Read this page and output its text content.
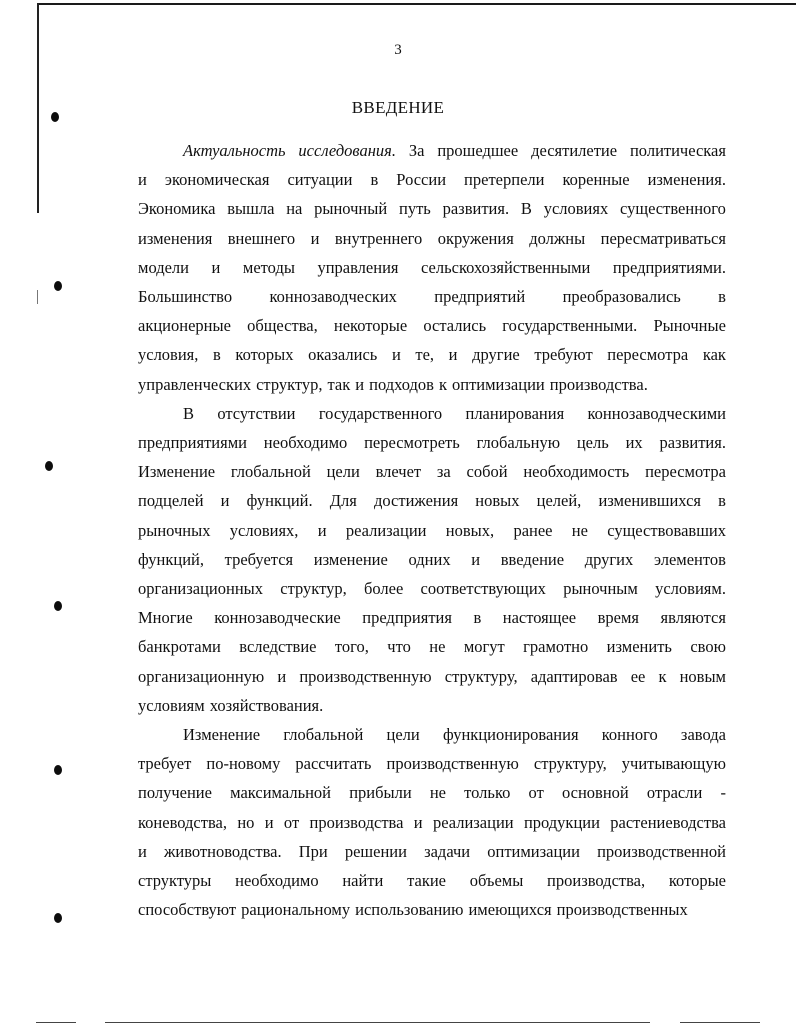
3
ВВЕДЕНИЕ
Актуальность исследования. За прошедшее десятилетие политическая
и экономическая ситуации в России претерпели коренные изменения.
Экономика вышла на рыночный путь развития. В условиях существенного
изменения внешнего и внутреннего окружения должны пересматриваться
модели и методы управления сельскохозяйственными предприятиями.
Большинство коннозаводческих предприятий преобразовались в
акционерные общества, некоторые остались государственными. Рыночные
условия, в которых оказались и те, и другие требуют пересмотра как
управленческих структур, так и подходов к оптимизации производства.
В отсутствии государственного планирования коннозаводческими
предприятиями необходимо пересмотреть глобальную цель их развития.
Изменение глобальной цели влечет за собой необходимость пересмотра
подцелей и функций. Для достижения новых целей, изменившихся в
рыночных условиях, и реализации новых, ранее не существовавших
функций, требуется изменение одних и введение других элементов
организационных структур, более соответствующих рыночным условиям.
Многие коннозаводческие предприятия в настоящее время являются
банкротами вследствие того, что не могут грамотно изменить свою
организационную и производственную структуру, адаптировав ее к новым
условиям хозяйствования.
Изменение глобальной цели функционирования конного завода
требует по-новому рассчитать производственную структуру, учитывающую
получение максимальной прибыли не только от основной отрасли -
коневодства, но и от производства и реализации продукции растениеводства
и животноводства. При решении задачи оптимизации производственной
структуры необходимо найти такие объемы производства, которые
способствуют рациональному использованию имеющихся производственных
